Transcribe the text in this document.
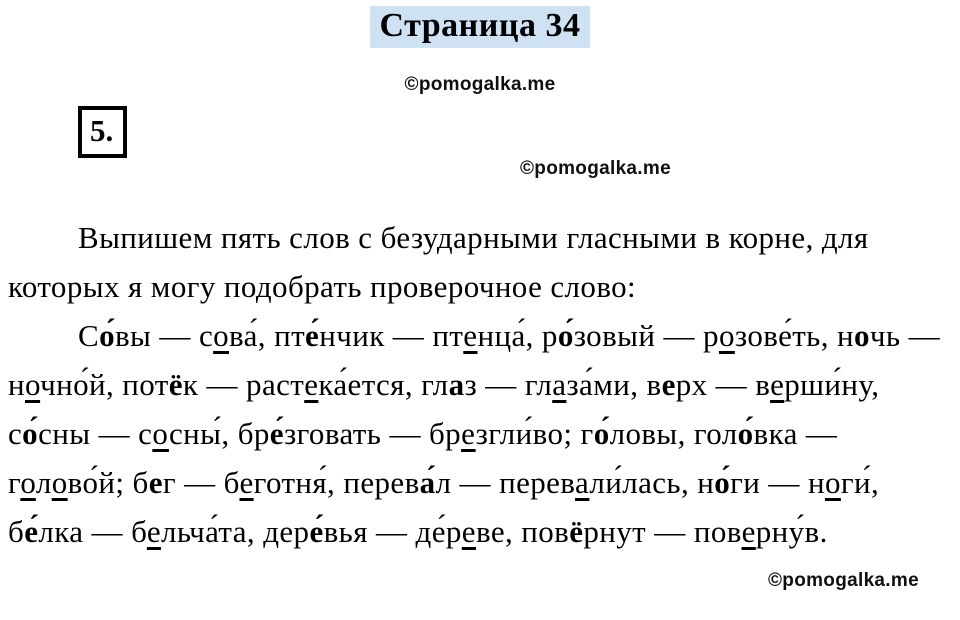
Страница 34
©pomogalka.me
5.
©pomogalka.me

Выпишем пять слов с безударными гласными в корне, для которых я могу подобрать проверочное слово:

Со́вы — сова́, пте́нчик — птенца́, ро́зовый — розове́ть, ночь — ночно́й, потёк — растека́ется, глаз — глаза́ми, верх — верши́ну, со́сны — сосны́, бре́зговать — брезгли́во; го́ловы, голо́вка — голово́й; бег — беготня́, перева́л — перевали́лась, но́ги — ноги́, бе́лка — бельча́та, дере́вья — де́реве, повёрнут — поверну́в.

©pomogalka.me
